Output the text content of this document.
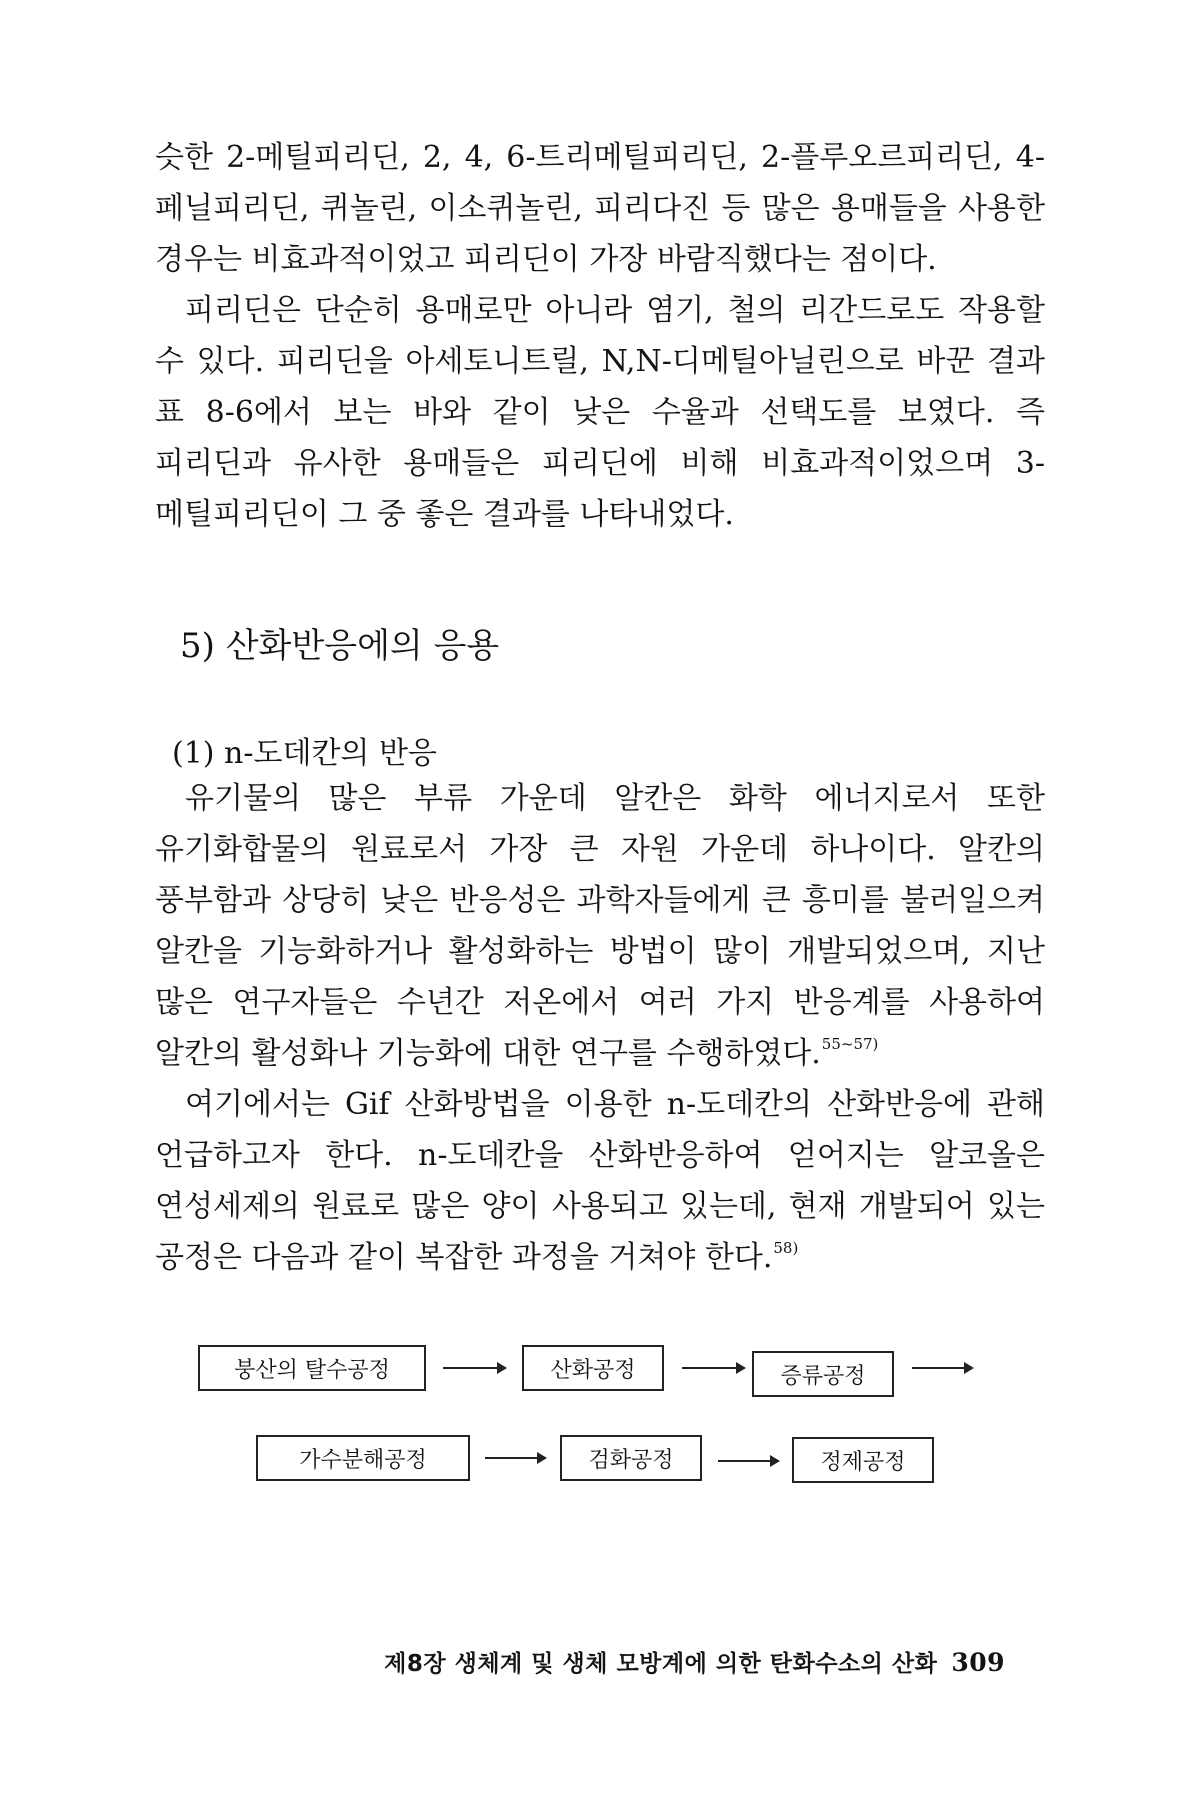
슷한 2-메틸피리딘, 2, 4, 6-트리메틸피리딘, 2-플루오르피리딘, 4-페닐피리딘, 퀴놀린, 이소퀴놀린, 피리다진 등 많은 용매들을 사용한 경우는 비효과적이었고 피리딘이 가장 바람직했다는 점이다.

피리딘은 단순히 용매로만 아니라 염기, 철의 리간드로도 작용할 수 있다. 피리딘을 아세토니트릴, N,N-디메틸아닐린으로 바꾼 결과 표 8-6에서 보는 바와 같이 낮은 수율과 선택도를 보였다. 즉 피리딘과 유사한 용매들은 피리딘에 비해 비효과적이었으며 3-메틸피리딘이 그 중 좋은 결과를 나타내었다.

5) 산화반응에의 응용
(1) n-도데칸의 반응

유기물의 많은 부류 가운데 알칸은 화학 에너지로서 또한 유기화합물의 원료로서 가장 큰 자원 가운데 하나이다. 알칸의 풍부함과 상당히 낮은 반응성은 과학자들에게 큰 흥미를 불러일으켜 알칸을 기능화하거나 활성화하는 방법이 많이 개발되었으며, 지난 많은 연구자들은 수년간 저온에서 여러 가지 반응계를 사용하여 알칸의 활성화나 기능화에 대한 연구를 수행하였다.$^{55\sim 57)}$

여기에서는 Gif 산화방법을 이용한 n-도데칸의 산화반응에 관해 언급하고자 한다. n-도데칸을 산화반응하여 얻어지는 알코올은 연성세제의 원료로 많은 양이 사용되고 있는데, 현재 개발되어 있는 공정은 다음과 같이 복잡한 과정을 거쳐야 한다.$^{58)}$

붕산의 탈수공정	산화공정	증류공정
가수분해공정	검화공정	정제공정

제8장 생체계 및 생체 모방계에 의한 탄화수소의 산화 309
